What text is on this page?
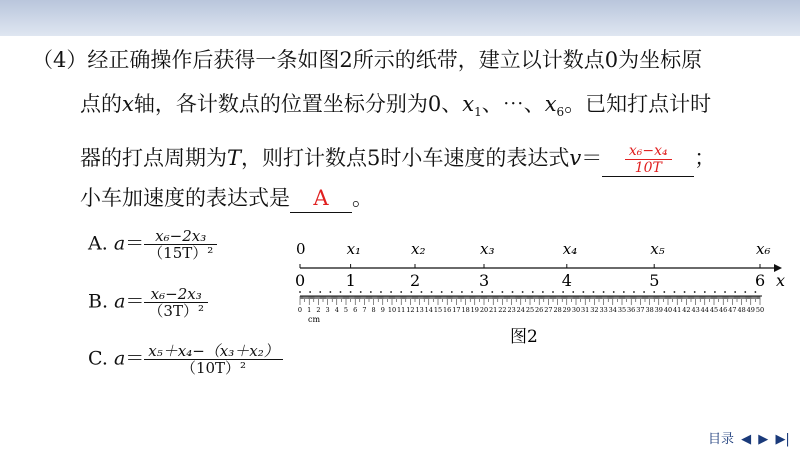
（4）经正确操作后获得一条如图2所示的纸带，建立以计数点0为坐标原
点的x轴，各计数点的位置坐标分别为0、$x_1$、⋯、$x_6$。已知打点计时
器的打点周期为T，则打计数点5时小车速度的表达式$v= \frac{\text{x₆−x₄}}{10T}$ ；
小车加速度的表达式是 A 。
A. $a= \frac{\text{x₆−2x₃}}{\text{（15T）²}}$
B. $a= \frac{\text{x₆−2x₃}}{\text{（3T）²}}$
C. $a= \frac{\text{x₅＋x₄−（x₃＋x₂）}}{\text{（10T）²}}$
0	x₁	x₂	x₃	x₄	x₅	x₆
x
0	1	2	3	4	5	6
0 1 2 3 4 5 6 7 8 9 10 11 12 13 14 15 16 17 18 19 20 21 22 23 24 25 26 27 28 29 30 31 32 33 34 35 36 37 38 39 40 41 42 43 44 45 46 47 48 49 50
cm
图2
目录 ◀ ▶ ▶|
